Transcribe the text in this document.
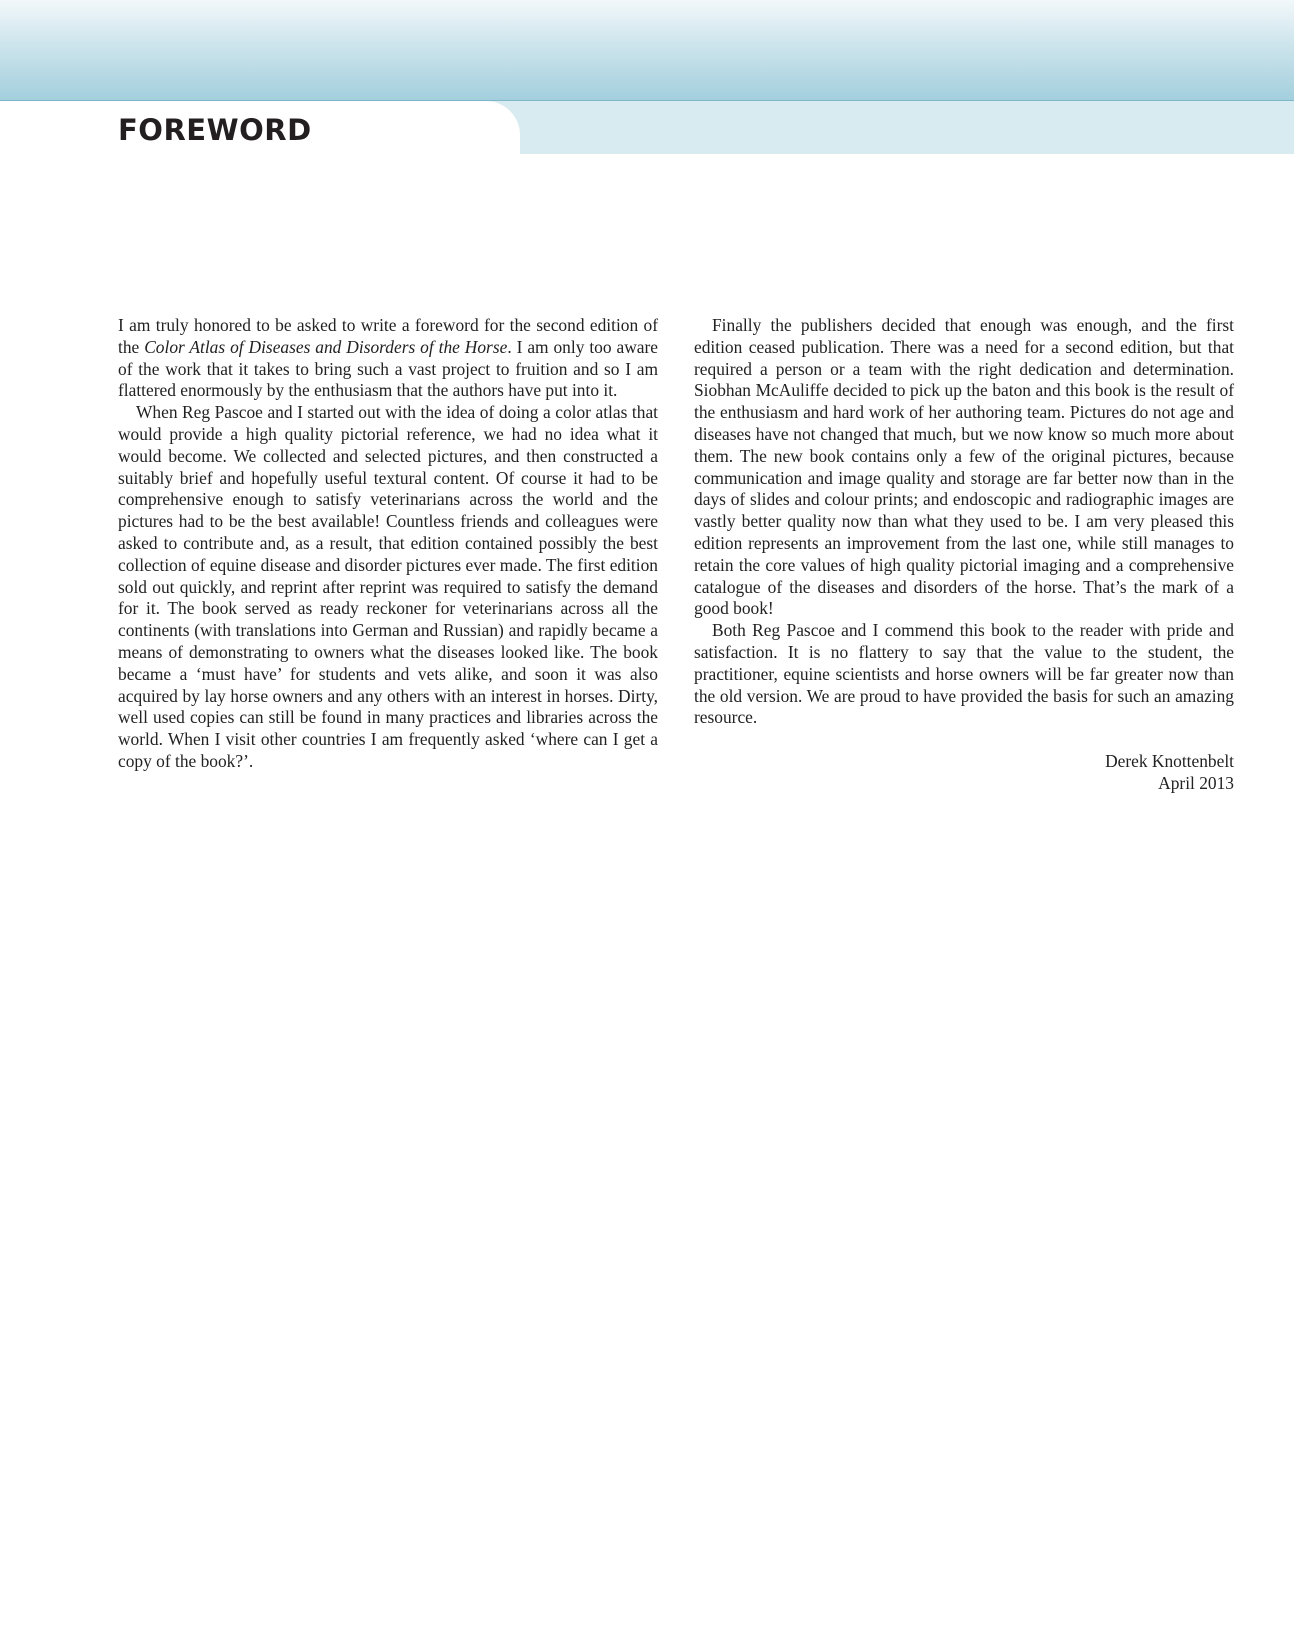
FOREWORD

I am truly honored to be asked to write a foreword for the second edition of the Color Atlas of Diseases and Disorders of the Horse. I am only too aware of the work that it takes to bring such a vast project to fruition and so I am flattered enormously by the enthusiasm that the authors have put into it.

When Reg Pascoe and I started out with the idea of doing a color atlas that would provide a high quality pictorial reference, we had no idea what it would become. We collected and selected pictures, and then constructed a suitably brief and hopefully useful textural content. Of course it had to be comprehensive enough to satisfy veterinarians across the world and the pictures had to be the best available! Countless friends and colleagues were asked to contribute and, as a result, that edition contained possibly the best collection of equine disease and disorder pictures ever made. The first edition sold out quickly, and reprint after reprint was required to satisfy the demand for it. The book served as ready reckoner for veterinarians across all the continents (with translations into German and Russian) and rapidly became a means of demonstrating to owners what the diseases looked like. The book became a ‘must have’ for students and vets alike, and soon it was also acquired by lay horse owners and any others with an interest in horses. Dirty, well used copies can still be found in many practices and libraries across the world. When I visit other countries I am frequently asked ‘where can I get a copy of the book?’.

Finally the publishers decided that enough was enough, and the first edition ceased publication. There was a need for a second edition, but that required a person or a team with the right dedication and determination. Siobhan McAuliffe decided to pick up the baton and this book is the result of the enthusiasm and hard work of her authoring team. Pictures do not age and diseases have not changed that much, but we now know so much more about them. The new book contains only a few of the original pictures, because communication and image quality and storage are far better now than in the days of slides and colour prints; and endoscopic and radiographic images are vastly better quality now than what they used to be. I am very pleased this edition represents an improvement from the last one, while still manages to retain the core values of high quality pictorial imaging and a comprehensive catalogue of the diseases and disorders of the horse. That’s the mark of a good book!

Both Reg Pascoe and I commend this book to the reader with pride and satisfaction. It is no flattery to say that the value to the student, the practitioner, equine scientists and horse owners will be far greater now than the old version. We are proud to have provided the basis for such an amazing resource.

Derek Knottenbelt
April 2013
